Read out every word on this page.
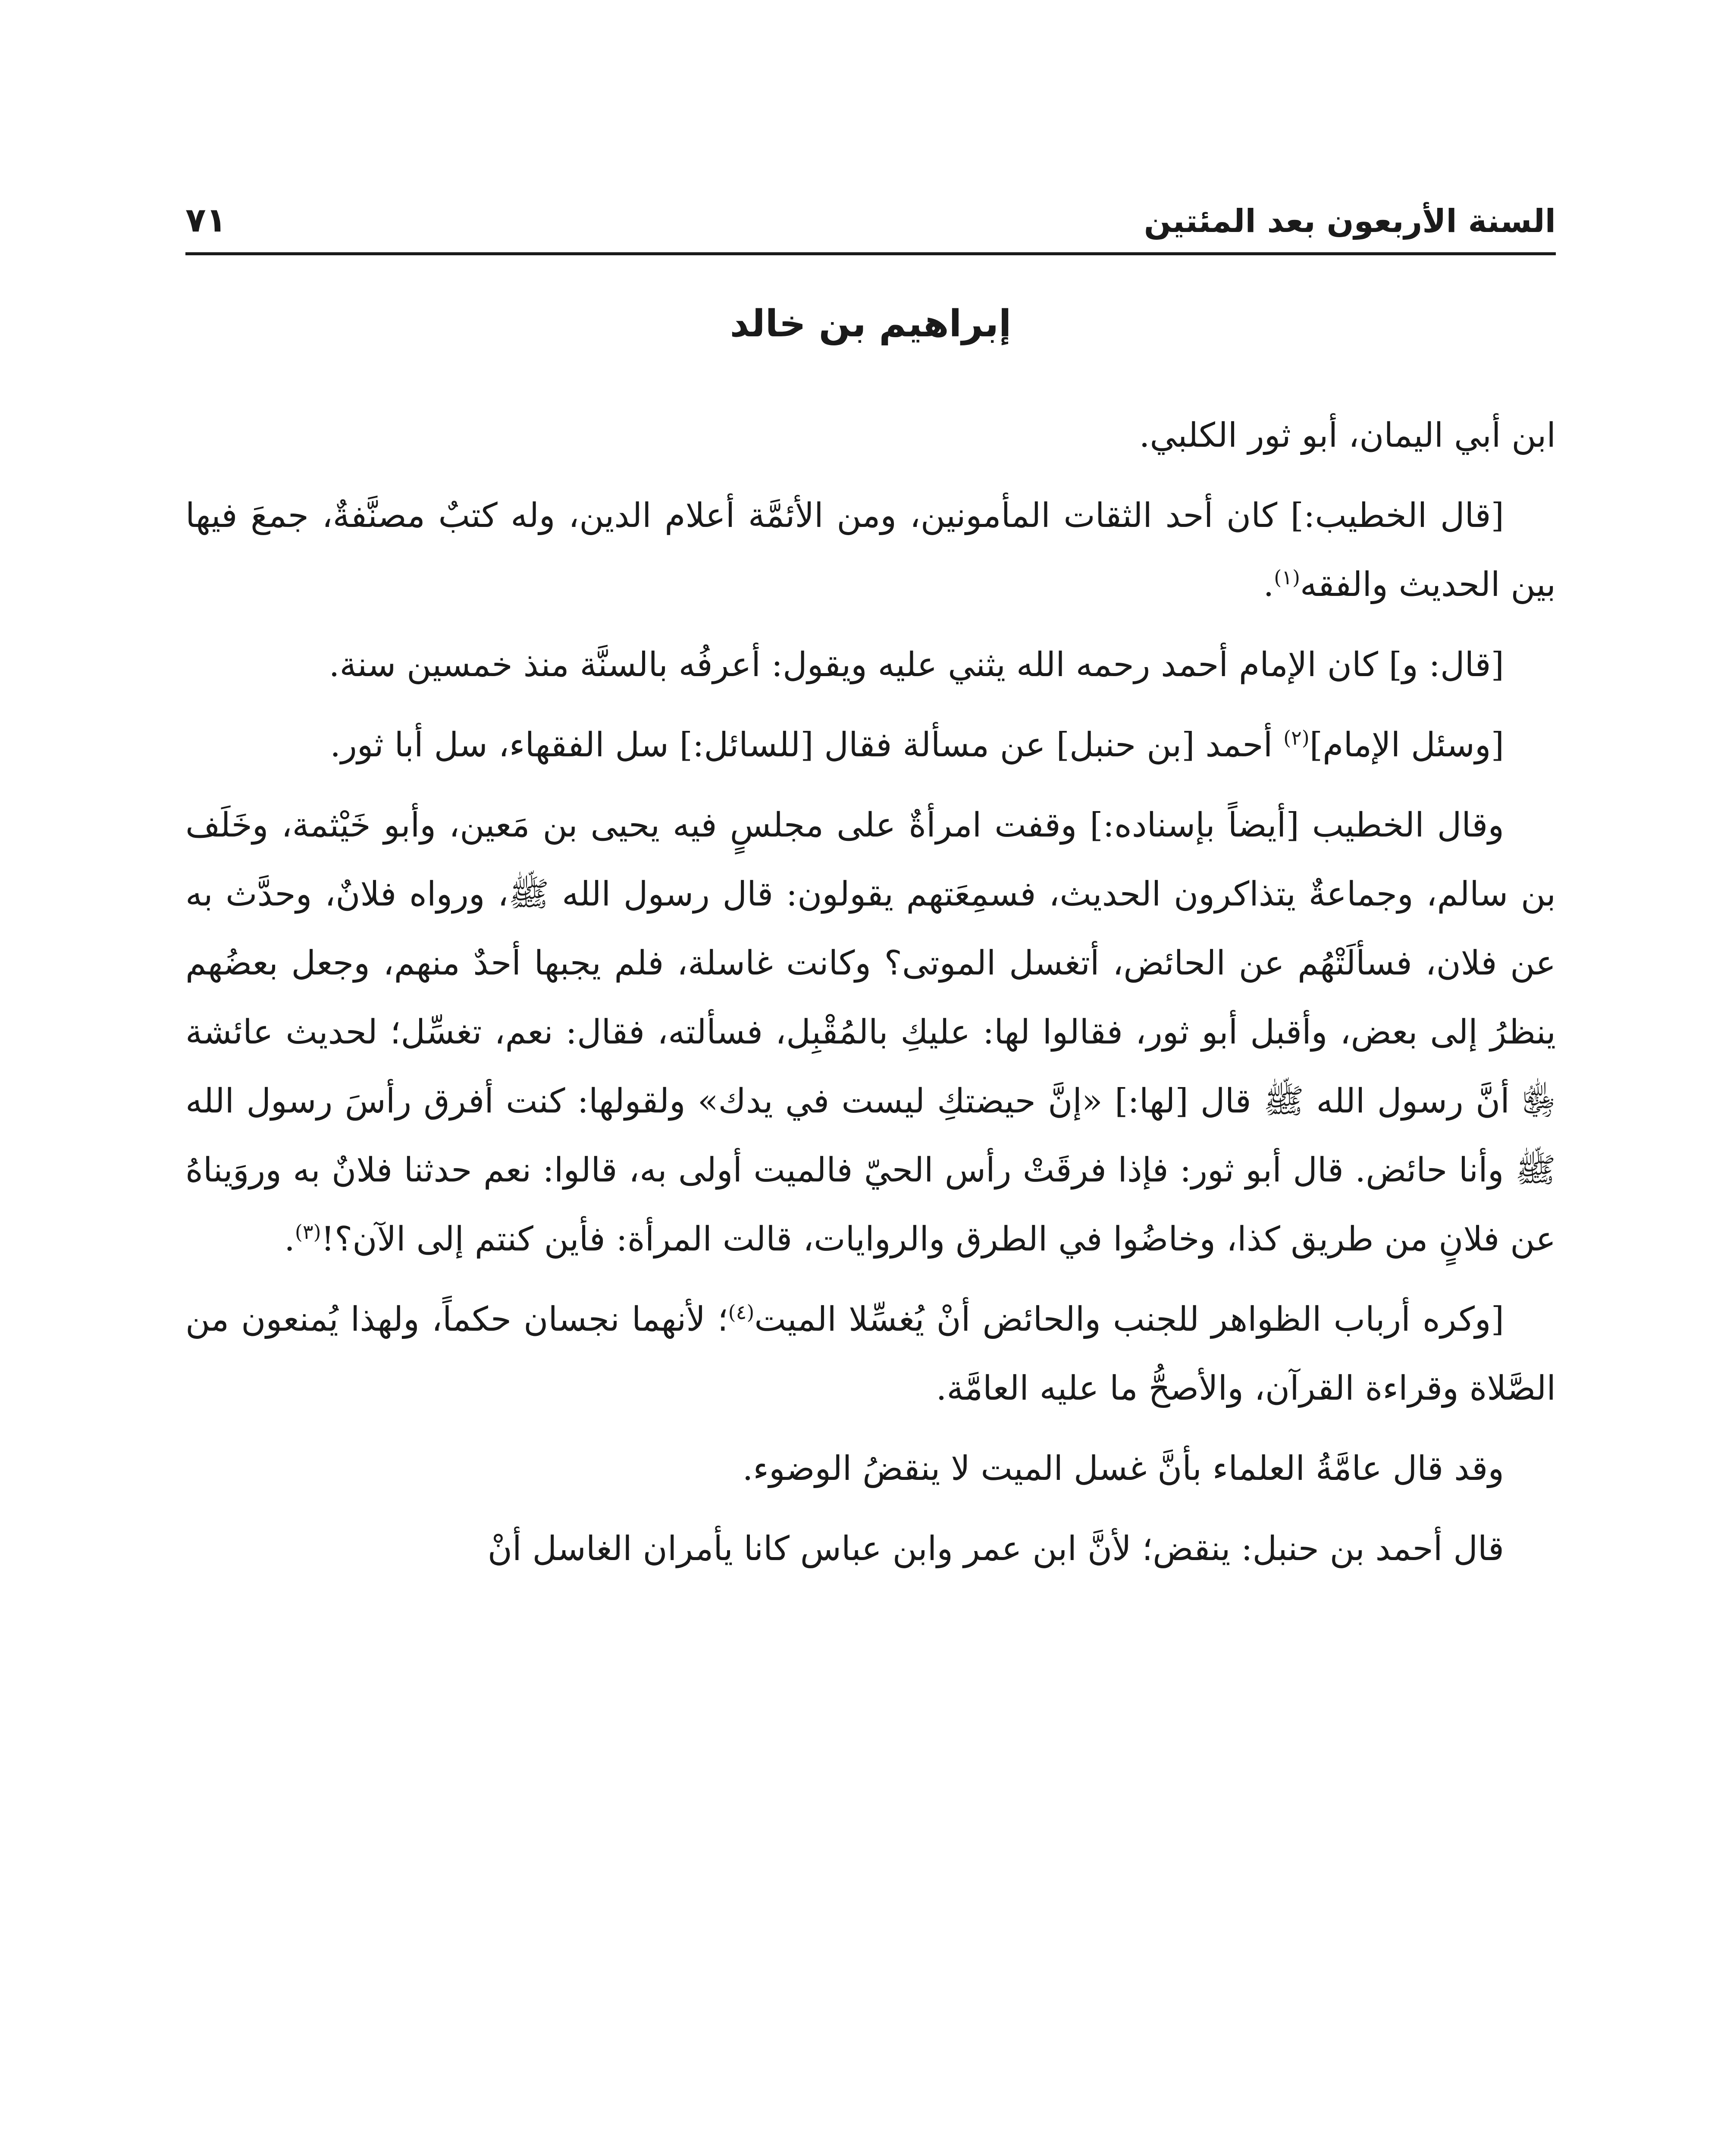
السنة الأربعون بعد المئتين
٧١
إبراهيم بن خالد

ابن أبي اليمان، أبو ثور الكلبي.

[قال الخطيب:] كان أحد الثقات المأمونين، ومن الأئمَّة أعلام الدين، وله كتبٌ مصنَّفةٌ، جمعَ فيها بين الحديث والفقه$^{(١)}$.

[قال: و] كان الإمام أحمد رحمه الله يثني عليه ويقول: أعرفُه بالسنَّة منذ خمسين سنة.

[وسئل الإمام]$^{(٢)}$ أحمد [بن حنبل] عن مسألة فقال [للسائل:] سل الفقهاء، سل أبا ثور.

وقال الخطيب [أيضاً بإسناده:] وقفت امرأةٌ على مجلسٍ فيه يحيى بن مَعين، وأبو خَيْثمة، وخَلَف بن سالم، وجماعةٌ يتذاكرون الحديث، فسمِعَتهم يقولون: قال رسول الله ﷺ، ورواه فلانٌ، وحدَّث به عن فلان، فسألَتْهُم عن الحائض، أتغسل الموتى؟ وكانت غاسلة، فلم يجبها أحدٌ منهم، وجعل بعضُهم ينظرُ إلى بعض، وأقبل أبو ثور، فقالوا لها: عليكِ بالمُقْبِل، فسألته، فقال: نعم، تغسِّل؛ لحديث عائشة ﵂ أنَّ رسول الله ﷺ قال [لها:] «إنَّ حيضتكِ ليست في يدك» ولقولها: كنت أفرق رأسَ رسول الله ﷺ وأنا حائض. قال أبو ثور: فإذا فرقَتْ رأس الحيّ فالميت أولى به، قالوا: نعم حدثنا فلانٌ به وروَيناهُ عن فلانٍ من طريق كذا، وخاضُوا في الطرق والروايات، قالت المرأة: فأين كنتم إلى الآن؟!$^{(٣)}$.

[وكره أرباب الظواهر للجنب والحائض أنْ يُغسِّلا الميت$^{(٤)}$؛ لأنهما نجسان حكماً، ولهذا يُمنعون من الصَّلاة وقراءة القرآن، والأصحُّ ما عليه العامَّة.

وقد قال عامَّةُ العلماء بأنَّ غسل الميت لا ينقضُ الوضوء.

قال أحمد بن حنبل: ينقض؛ لأنَّ ابن عمر وابن عباس كانا يأمران الغاسل أنْ
